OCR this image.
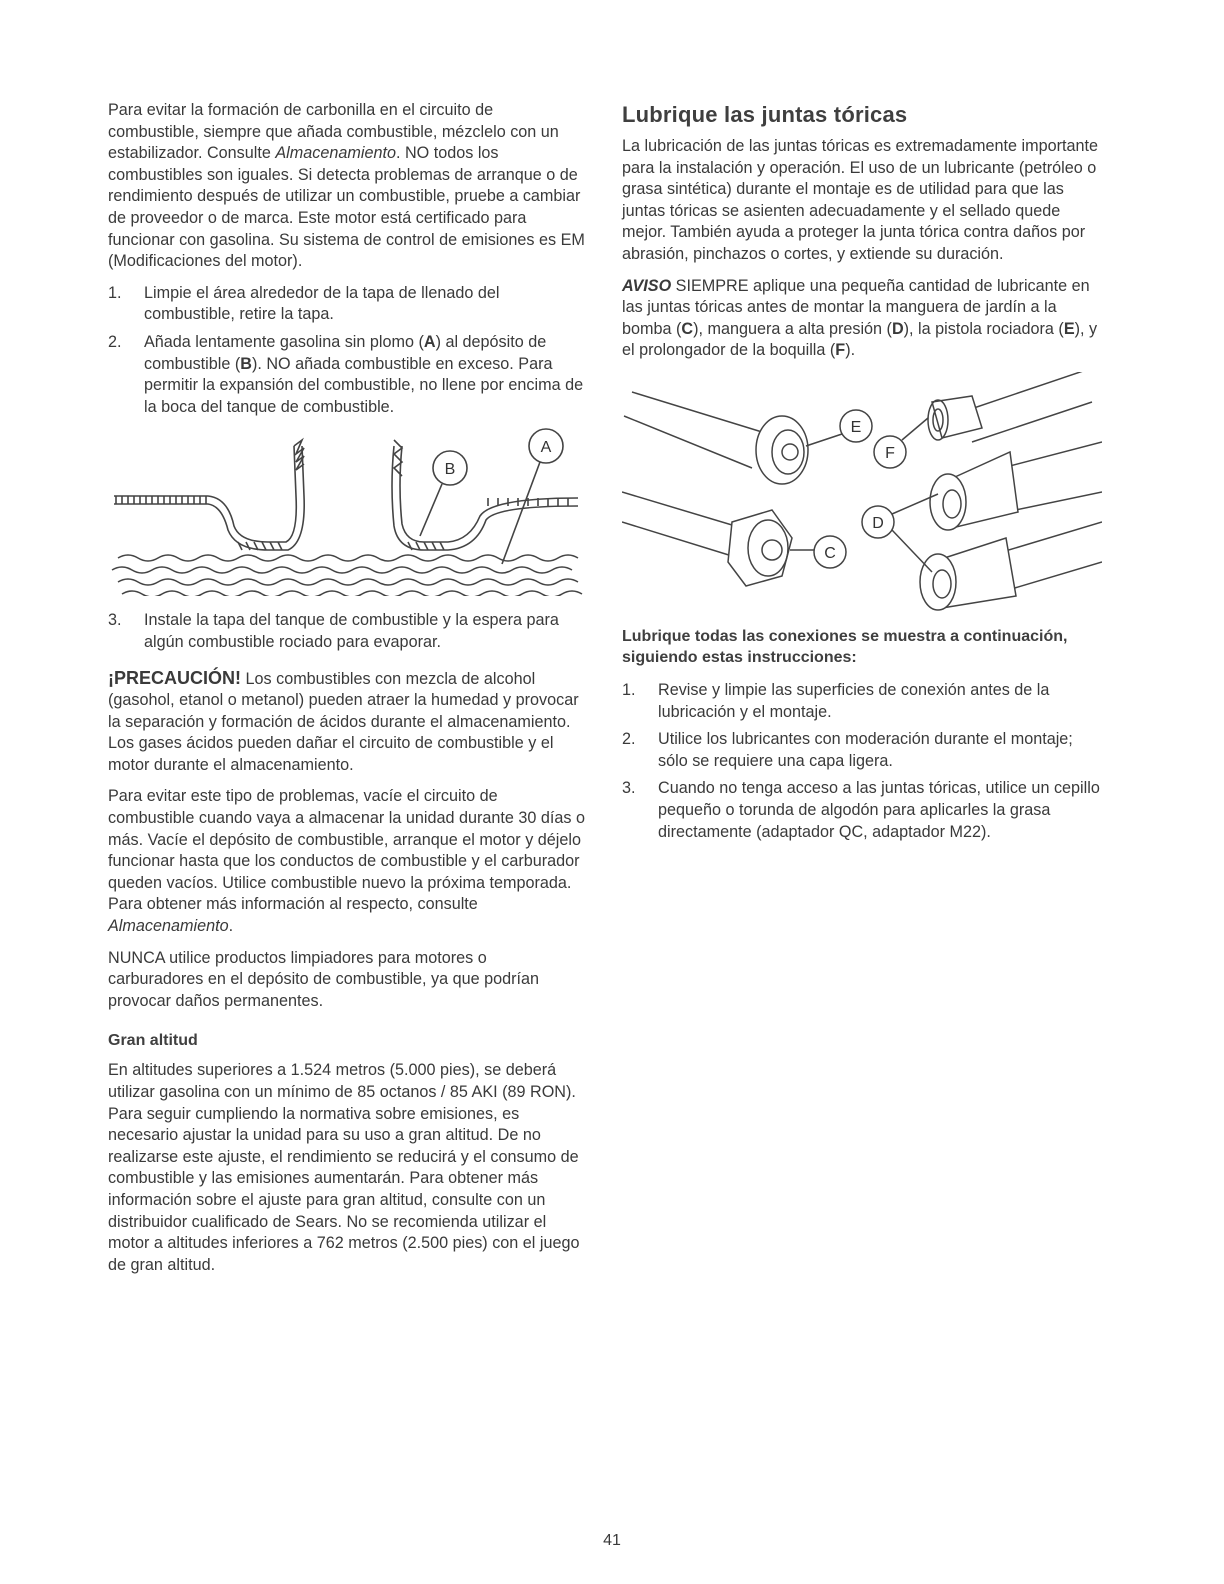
Para evitar la formación de carbonilla en el circuito de combustible, siempre que añada combustible, mézclelo con un estabilizador. Consulte Almacenamiento. NO todos los combustibles son iguales. Si detecta problemas de arranque o de rendimiento después de utilizar un combustible, pruebe a cambiar de proveedor o de marca. Este motor está certificado para funcionar con gasolina. Su sistema de control de emisiones es EM (Modificaciones del motor).

1. Limpie el área alrededor de la tapa de llenado del combustible, retire la tapa.
2. Añada lentamente gasolina sin plomo (A) al depósito de combustible (B). NO añada combustible en exceso. Para permitir la expansión del combustible, no llene por encima de la boca del tanque de combustible.
B
A
3. Instale la tapa del tanque de combustible y la espera para algún combustible rociado para evaporar.

¡PRECAUCIÓN! Los combustibles con mezcla de alcohol (gasohol, etanol o metanol) pueden atraer la humedad y provocar la separación y formación de ácidos durante el almacenamiento. Los gases ácidos pueden dañar el circuito de combustible y el motor durante el almacenamiento.

Para evitar este tipo de problemas, vacíe el circuito de combustible cuando vaya a almacenar la unidad durante 30 días o más. Vacíe el depósito de combustible, arranque el motor y déjelo funcionar hasta que los conductos de combustible y el carburador queden vacíos. Utilice combustible nuevo la próxima temporada. Para obtener más información al respecto, consulte Almacenamiento.

NUNCA utilice productos limpiadores para motores o carburadores en el depósito de combustible, ya que podrían provocar daños permanentes.

Gran altitud

En altitudes superiores a 1.524 metros (5.000 pies), se deberá utilizar gasolina con un mínimo de 85 octanos / 85 AKI (89 RON). Para seguir cumpliendo la normativa sobre emisiones, es necesario ajustar la unidad para su uso a gran altitud. De no realizarse este ajuste, el rendimiento se reducirá y el consumo de combustible y las emisiones aumentarán. Para obtener más información sobre el ajuste para gran altitud, consulte con un distribuidor cualificado de Sears. No se recomienda utilizar el motor a altitudes inferiores a 762 metros (2.500 pies) con el juego de gran altitud.

Lubrique las juntas tóricas

La lubricación de las juntas tóricas es extremadamente importante para la instalación y operación. El uso de un lubricante (petróleo o grasa sintética) durante el montaje es de utilidad para que las juntas tóricas se asienten adecuadamente y el sellado quede mejor. También ayuda a proteger la junta tórica contra daños por abrasión, pinchazos o cortes, y extiende su duración.

AVISO SIEMPRE aplique una pequeña cantidad de lubricante en las juntas tóricas antes de montar la manguera de jardín a la bomba (C), manguera a alta presión (D), la pistola rociadora (E), y el prolongador de la boquilla (F).

E
F
D
C
Lubrique todas las conexiones se muestra a continuación, siguiendo estas instrucciones:
1. Revise y limpie las superficies de conexión antes de la lubricación y el montaje.
2. Utilice los lubricantes con moderación durante el montaje; sólo se requiere una capa ligera.
3. Cuando no tenga acceso a las juntas tóricas, utilice un cepillo pequeño o torunda de algodón para aplicarles la grasa directamente (adaptador QC, adaptador M22).
41
